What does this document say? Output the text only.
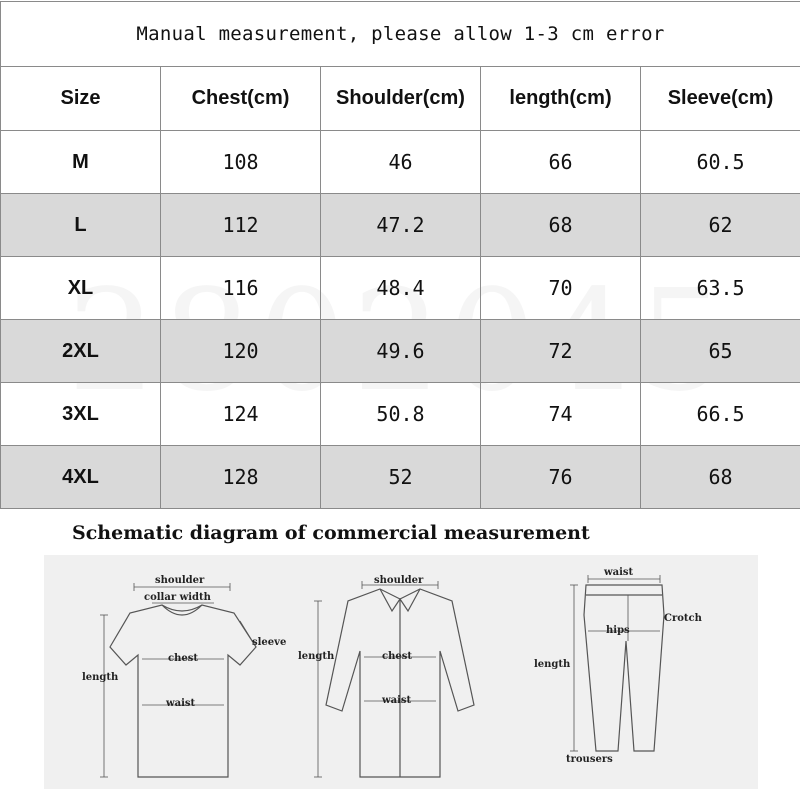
Manual measurement, please allow 1-3 cm error				
Size	Chest(cm)	Shoulder(cm)	length(cm)	Sleeve(cm)
M	108	46	66	60.5
L	112	47.2	68	62
XL	116	48.4	70	63.5
2XL	120	49.6	72	65
3XL	124	50.8	74	66.5
4XL	128	52	76	68
Schematic diagram of commercial measurement
shoulder
collar width
sleeve
chest
length
waist
shoulder
length	chest
waist
waist
Crotch
hips
length
trousers
